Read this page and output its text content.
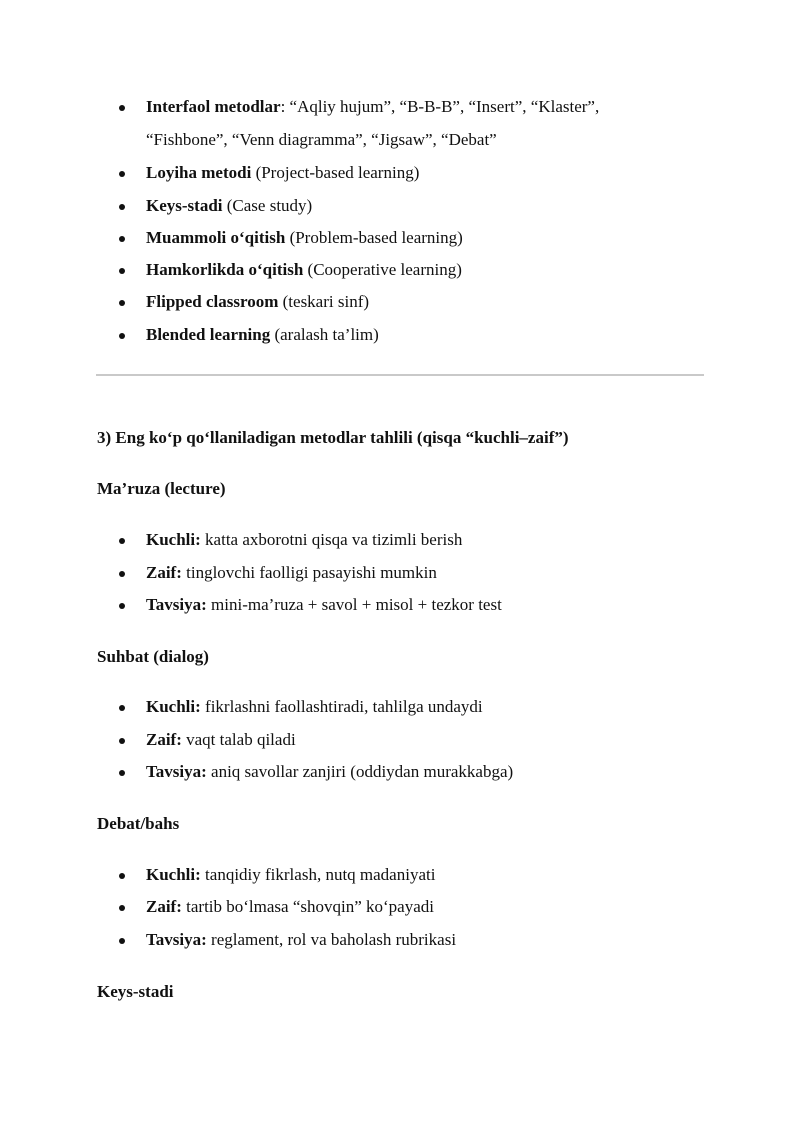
Interfaol metodlar: “Aqliy hujum”, “B-B-B”, “Insert”, “Klaster”,
“Fishbone”, “Venn diagramma”, “Jigsaw”, “Debat”
Loyiha metodi (Project-based learning)
Keys-stadi (Case study)
Muammoli o‘qitish (Problem-based learning)
Hamkorlikda o‘qitish (Cooperative learning)
Flipped classroom (teskari sinf)
Blended learning (aralash ta’lim)
3) Eng ko‘p qo‘llaniladigan metodlar tahlili (qisqa “kuchli–zaif”)
Ma’ruza (lecture)
Kuchli: katta axborotni qisqa va tizimli berish
Zaif: tinglovchi faolligi pasayishi mumkin
Tavsiya: mini-ma’ruza + savol + misol + tezkor test
Suhbat (dialog)
Kuchli: fikrlashni faollashtiradi, tahlilga undaydi
Zaif: vaqt talab qiladi
Tavsiya: aniq savollar zanjiri (oddiydan murakkabga)
Debat/bahs
Kuchli: tanqidiy fikrlash, nutq madaniyati
Zaif: tartib bo‘lmasa “shovqin” ko‘payadi
Tavsiya: reglament, rol va baholash rubrikasi
Keys-stadi
